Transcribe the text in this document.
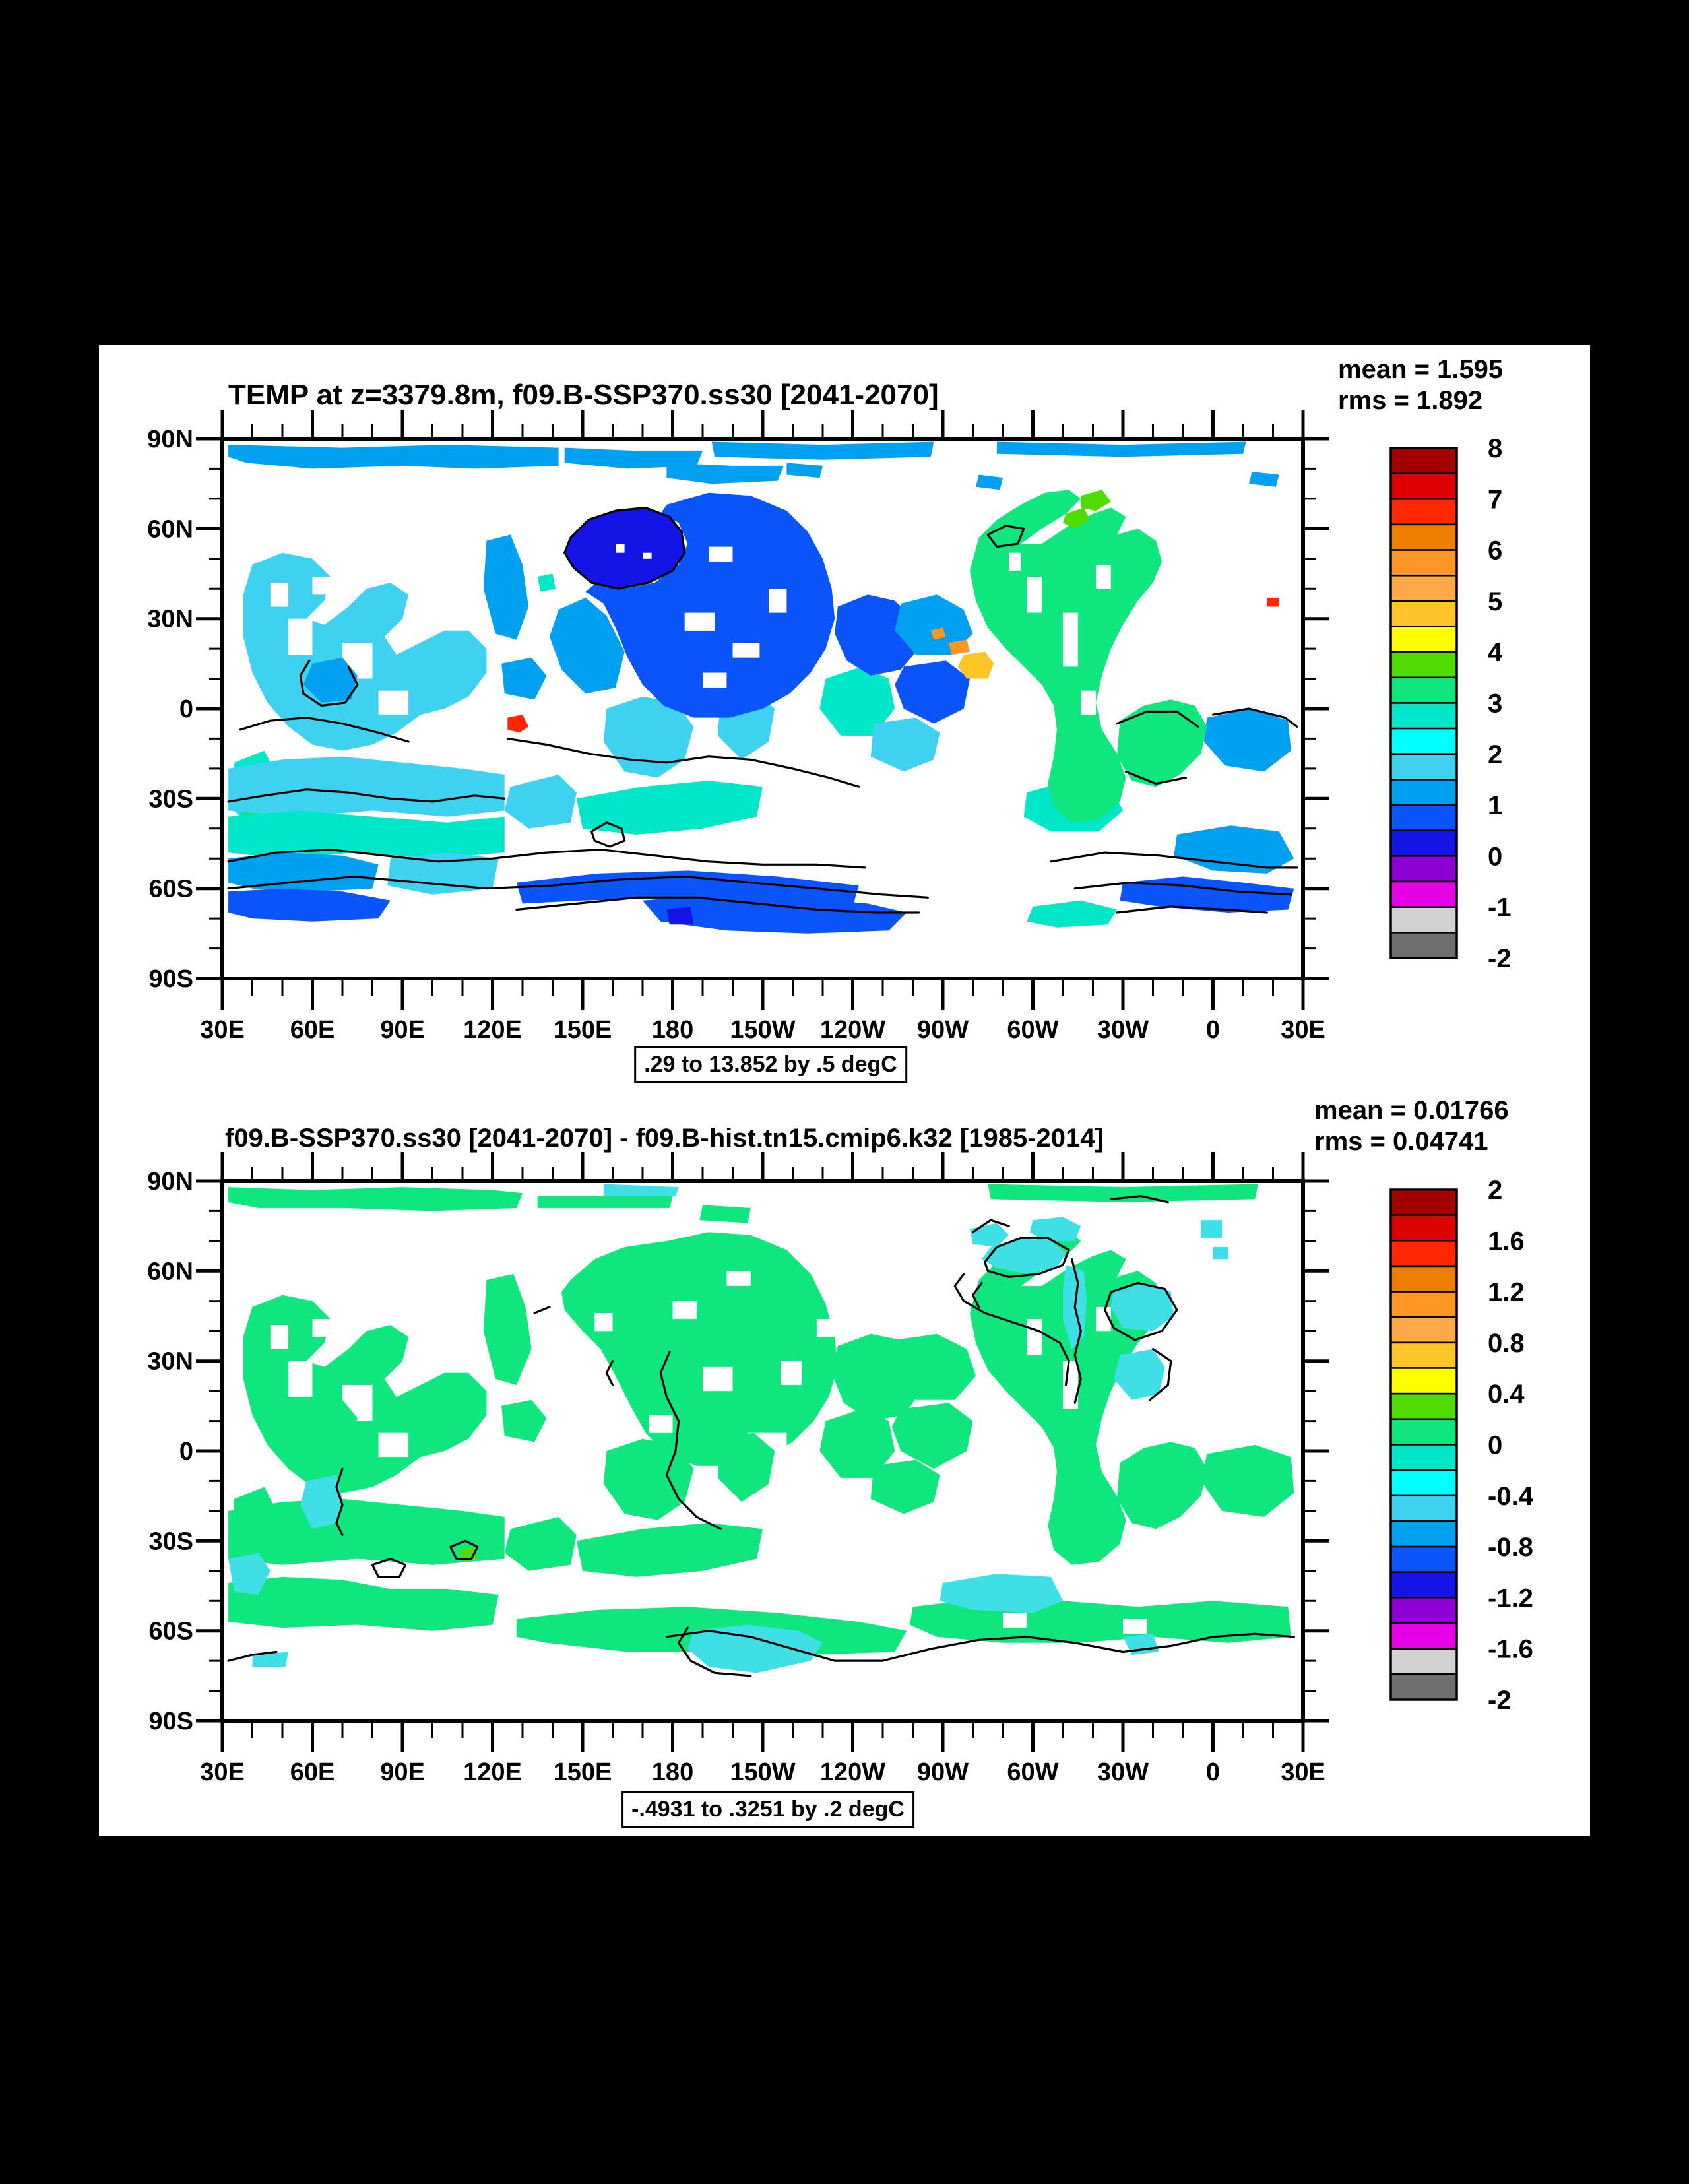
TEMP at z=3379.8m, f09.B-SSP370.ss30 [2041-2070]
mean = 1.595
rms = 1.892
f09.B-SSP370.ss30 [2041-2070] - f09.B-hist.tn15.cmip6.k32 [1985-2014]
mean = 0.01766
rms = 0.04741
30E 60E 90E 120E 150E 180 150W 120W 90W 60W 30W 0 30E
90N
60N
30N
0
30S
60S
90S
8
7
6
5
4
3
2
1
0
-1
-2
30E 60E 90E 120E 150E 180 150W 120W 90W 60W 30W 0 30E
90N
60N
30N
0
30S
60S
90S
2
1.6
1.2
0.8
0.4
0
-0.4
-0.8
-1.2
-1.6
-2
.29 to 13.852 by .5 degC
-.4931 to .3251 by .2 degC
